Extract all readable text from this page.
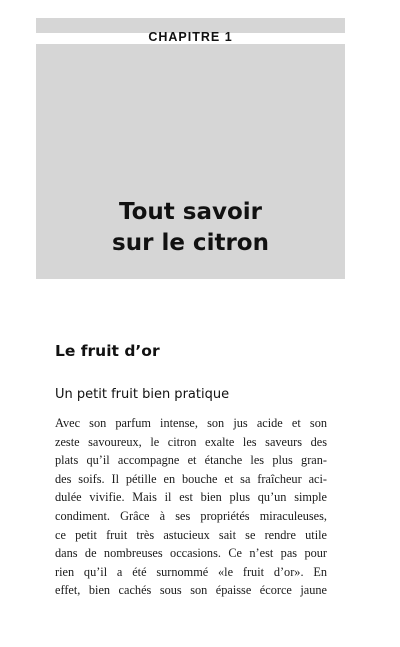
CHAPITRE 1
Tout savoir
sur le citron
Le fruit d’or
Un petit fruit bien pratique
Avec son parfum intense, son jus acide et son
zeste savoureux, le citron exalte les saveurs des
plats qu’il accompagne et étanche les plus gran-
des soifs. Il pétille en bouche et sa fraîcheur aci-
dulée vivifie. Mais il est bien plus qu’un simple
condiment. Grâce à ses propriétés miraculeuses,
ce petit fruit très astucieux sait se rendre utile
dans de nombreuses occasions. Ce n’est pas pour
rien qu’il a été surnommé «le fruit d’or». En
effet, bien cachés sous son épaisse écorce jaune
